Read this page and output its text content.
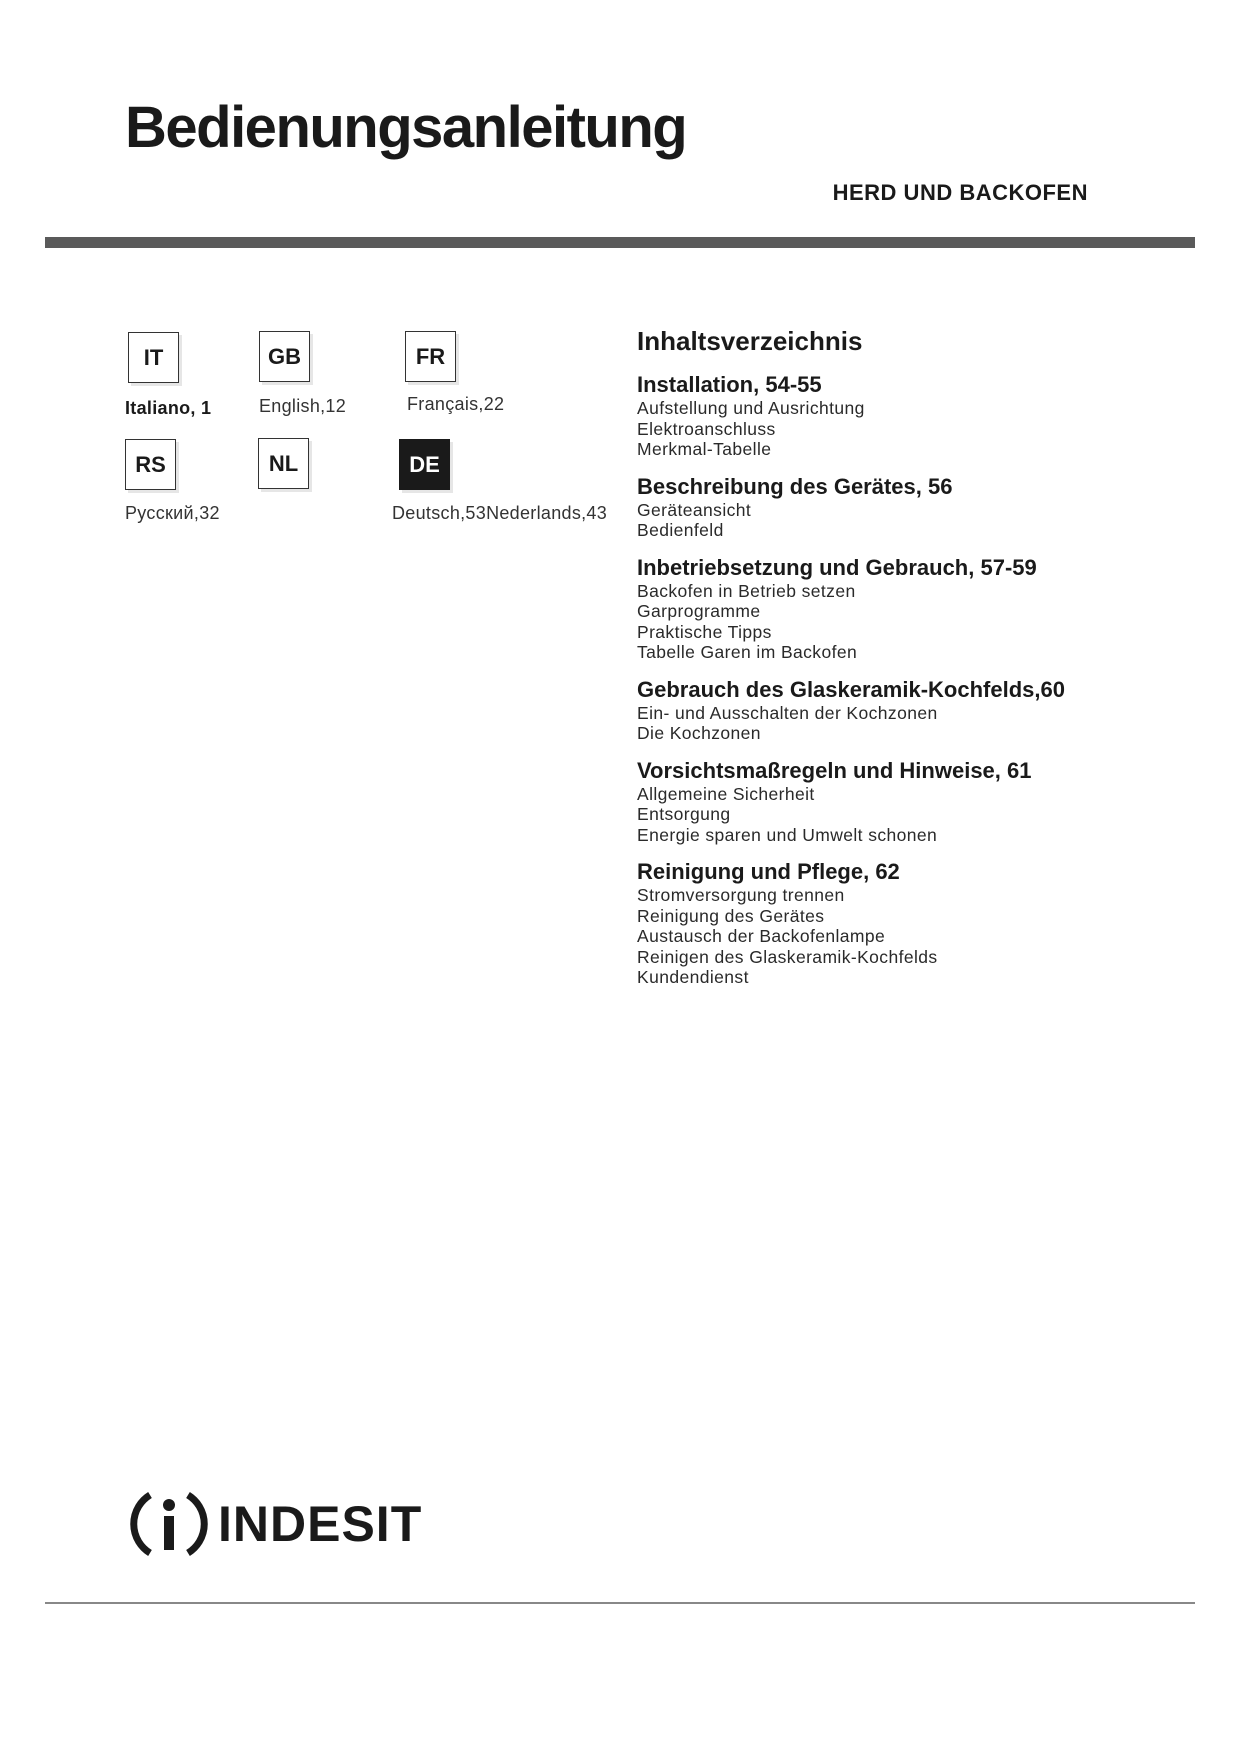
Bedienungsanleitung
HERD UND BACKOFEN
IT
Italiano, 1
GB
English,12
FR
Français,22
RS
Русский,32
NL	DE
Deutsch,53Nederlands,43
Inhaltsverzeichnis
Installation, 54-55
Aufstellung und Ausrichtung
Elektroanschluss
Merkmal-Tabelle
Beschreibung des Gerätes, 56
Geräteansicht
Bedienfeld
Inbetriebsetzung und Gebrauch, 57-59
Backofen in Betrieb setzen
Garprogramme
Praktische Tipps
Tabelle Garen im Backofen
Gebrauch des Glaskeramik-Kochfelds,60
Ein- und Ausschalten der Kochzonen
Die Kochzonen
Vorsichtsmaßregeln und Hinweise, 61
Allgemeine Sicherheit
Entsorgung
Energie sparen und Umwelt schonen
Reinigung und Pflege, 62
Stromversorgung trennen
Reinigung des Gerätes
Austausch der Backofenlampe
Reinigen des Glaskeramik-Kochfelds
Kundendienst
INDESIT
